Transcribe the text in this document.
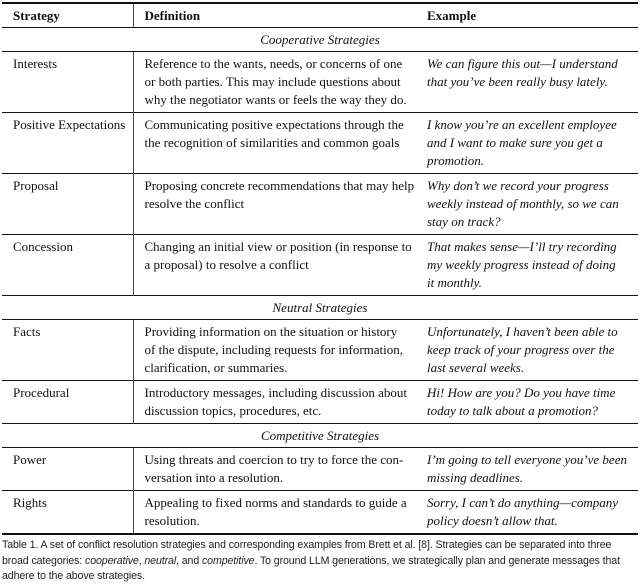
Strategy	Definition	Example
Cooperative Strategies		
Interests	Reference to the wants, needs, or concerns of one
or both parties. This may include questions about
why the negotiator wants or feels the way they do.	We can figure this out—I understand
that you’ve been really busy lately.

Positive Expectations	Communicating positive expectations through the
the recognition of similarities and common goals	I know you’re an excellent employee
and I want to make sure you get a
promotion.

Proposal	Proposing concrete recommendations that may help
resolve the conflict	Why don’t we record your progress
weekly instead of monthly, so we can
stay on track?

Concession	Changing an initial view or position (in response to
a proposal) to resolve a conflict	That makes sense—I’ll try recording
my weekly progress instead of doing
it monthly.

Neutral Strategies		
Facts	Providing information on the situation or history
of the dispute, including requests for information,
clarification, or summaries.	Unfortunately, I haven’t been able to
keep track of your progress over the
last several weeks.

Procedural	Introductory messages, including discussion about
discussion topics, procedures, etc.	Hi! How are you? Do you have time
today to talk about a promotion?

Competitive Strategies		
Power	Using threats and coercion to try to force the con-
versation into a resolution.	I’m going to tell everyone you’ve been
missing deadlines.

Rights	Appealing to fixed norms and standards to guide a
resolution.	Sorry, I can’t do anything—company
policy doesn’t allow that.
Table 1. A set of conflict resolution strategies and corresponding examples from Brett et al. [8]. Strategies can be separated into three
broad categories: cooperative, neutral, and competitive. To ground LLM generations, we strategically plan and generate messages that
adhere to the above strategies.
